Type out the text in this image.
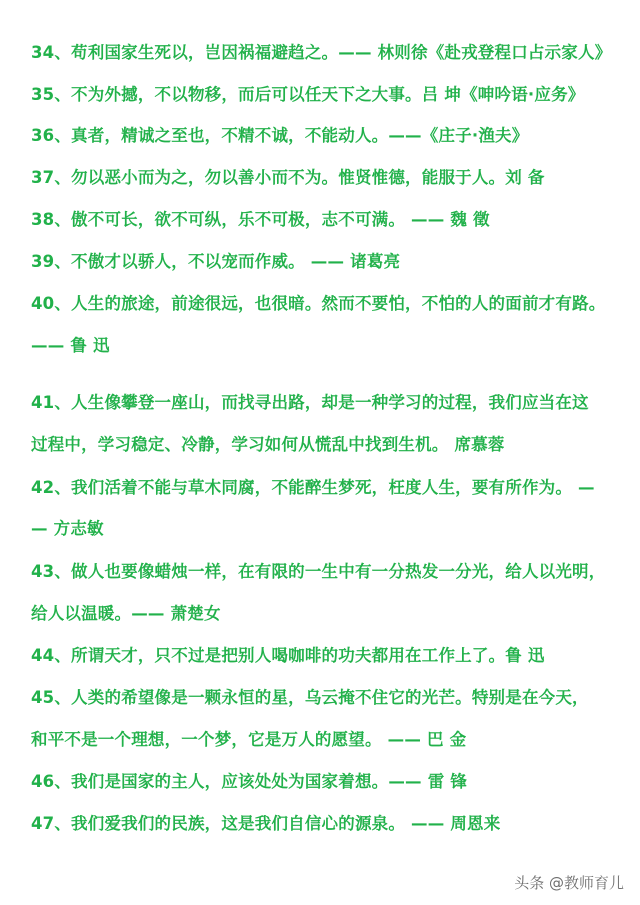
34、苟利国家生死以，岂因祸福避趋之。—— 林则徐《赴戎登程口占示家人》
35、不为外撼，不以物移，而后可以任天下之大事。吕 坤《呻吟语·应务》
36、真者，精诚之至也，不精不诚，不能动人。——《庄子·渔夫》
37、勿以恶小而为之，勿以善小而不为。惟贤惟德，能服于人。刘 备
38、傲不可长，欲不可纵，乐不可极，志不可满。 —— 魏 徵
39、不傲才以骄人，不以宠而作威。 —— 诸葛亮
40、人生的旅途，前途很远，也很暗。然而不要怕，不怕的人的面前才有路。
—— 鲁 迅
41、人生像攀登一座山，而找寻出路，却是一种学习的过程，我们应当在这
过程中，学习稳定、冷静，学习如何从慌乱中找到生机。 席慕蓉
42、我们活着不能与草木同腐，不能醉生梦死，枉度人生，要有所作为。 —
— 方志敏
43、做人也要像蜡烛一样，在有限的一生中有一分热发一分光，给人以光明，
给人以温暖。—— 萧楚女
44、所谓天才，只不过是把别人喝咖啡的功夫都用在工作上了。鲁 迅
45、人类的希望像是一颗永恒的星，乌云掩不住它的光芒。特别是在今天，
和平不是一个理想，一个梦，它是万人的愿望。 —— 巴 金
46、我们是国家的主人，应该处处为国家着想。—— 雷 锋
47、我们爱我们的民族，这是我们自信心的源泉。 —— 周恩来
头条 @教师育儿
